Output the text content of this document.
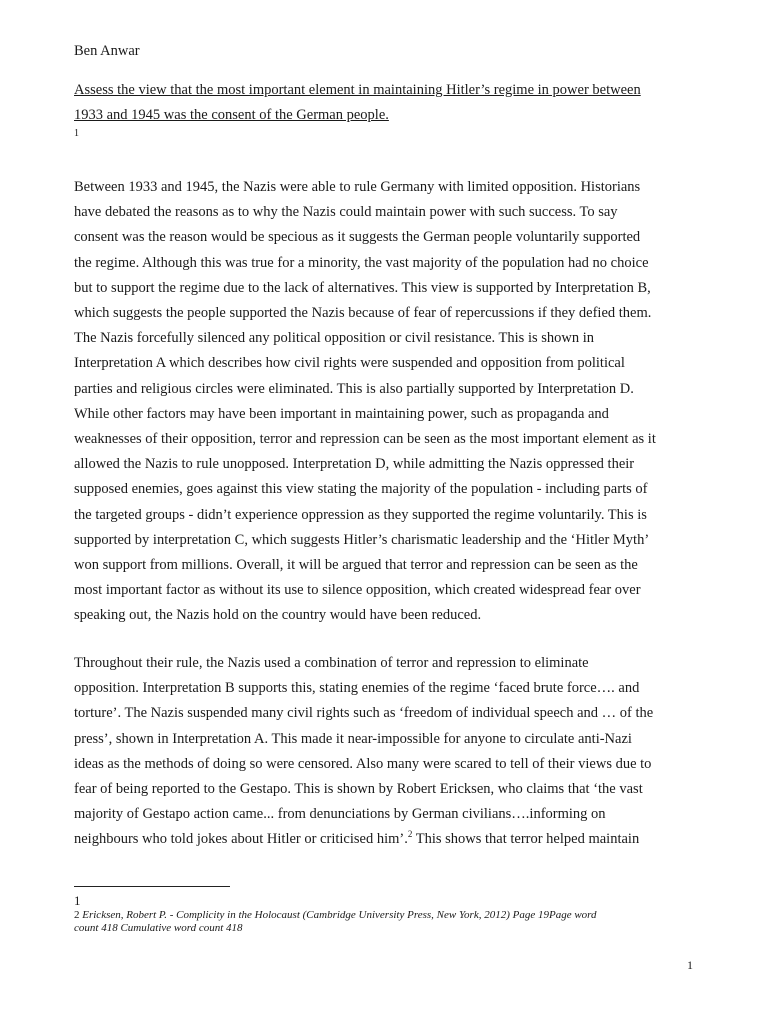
Ben Anwar
Assess the view that the most important element in maintaining Hitler’s regime in power between
1933 and 1945 was the consent of the German people.
1
Between 1933 and 1945, the Nazis were able to rule Germany with limited opposition. Historians
have debated the reasons as to why the Nazis could maintain power with such success. To say
consent was the reason would be specious as it suggests the German people voluntarily supported
the regime. Although this was true for a minority, the vast majority of the population had no choice
but to support the regime due to the lack of alternatives. This view is supported by Interpretation B,
which suggests the people supported the Nazis because of fear of repercussions if they defied them.
The Nazis forcefully silenced any political opposition or civil resistance. This is shown in
Interpretation A which describes how civil rights were suspended and opposition from political
parties and religious circles were eliminated. This is also partially supported by Interpretation D.
While other factors may have been important in maintaining power, such as propaganda and
weaknesses of their opposition, terror and repression can be seen as the most important element as it
allowed the Nazis to rule unopposed. Interpretation D, while admitting the Nazis oppressed their
supposed enemies, goes against this view stating the majority of the population - including parts of
the targeted groups - didn’t experience oppression as they supported the regime voluntarily. This is
supported by interpretation C, which suggests Hitler’s charismatic leadership and the ‘Hitler Myth’
won support from millions. Overall, it will be argued that terror and repression can be seen as the
most important factor as without its use to silence opposition, which created widespread fear over
speaking out, the Nazis hold on the country would have been reduced.
Throughout their rule, the Nazis used a combination of terror and repression to eliminate
opposition. Interpretation B supports this, stating enemies of the regime ‘faced brute force…. and
torture’. The Nazis suspended many civil rights such as ‘freedom of individual speech and … of the
press’, shown in Interpretation A. This made it near-impossible for anyone to circulate anti-Nazi
ideas as the methods of doing so were censored. Also many were scared to tell of their views due to
fear of being reported to the Gestapo. This is shown by Robert Ericksen, who claims that ‘the vast
majority of Gestapo action came... from denunciations by German civilians….informing on
neighbours who told jokes about Hitler or criticised him’.$^2$ This shows that terror helped maintain
1
2 Ericksen, Robert P. - Complicity in the Holocaust (Cambridge University Press, New York, 2012) Page 19Page word
count 418 Cumulative word count 418
1
